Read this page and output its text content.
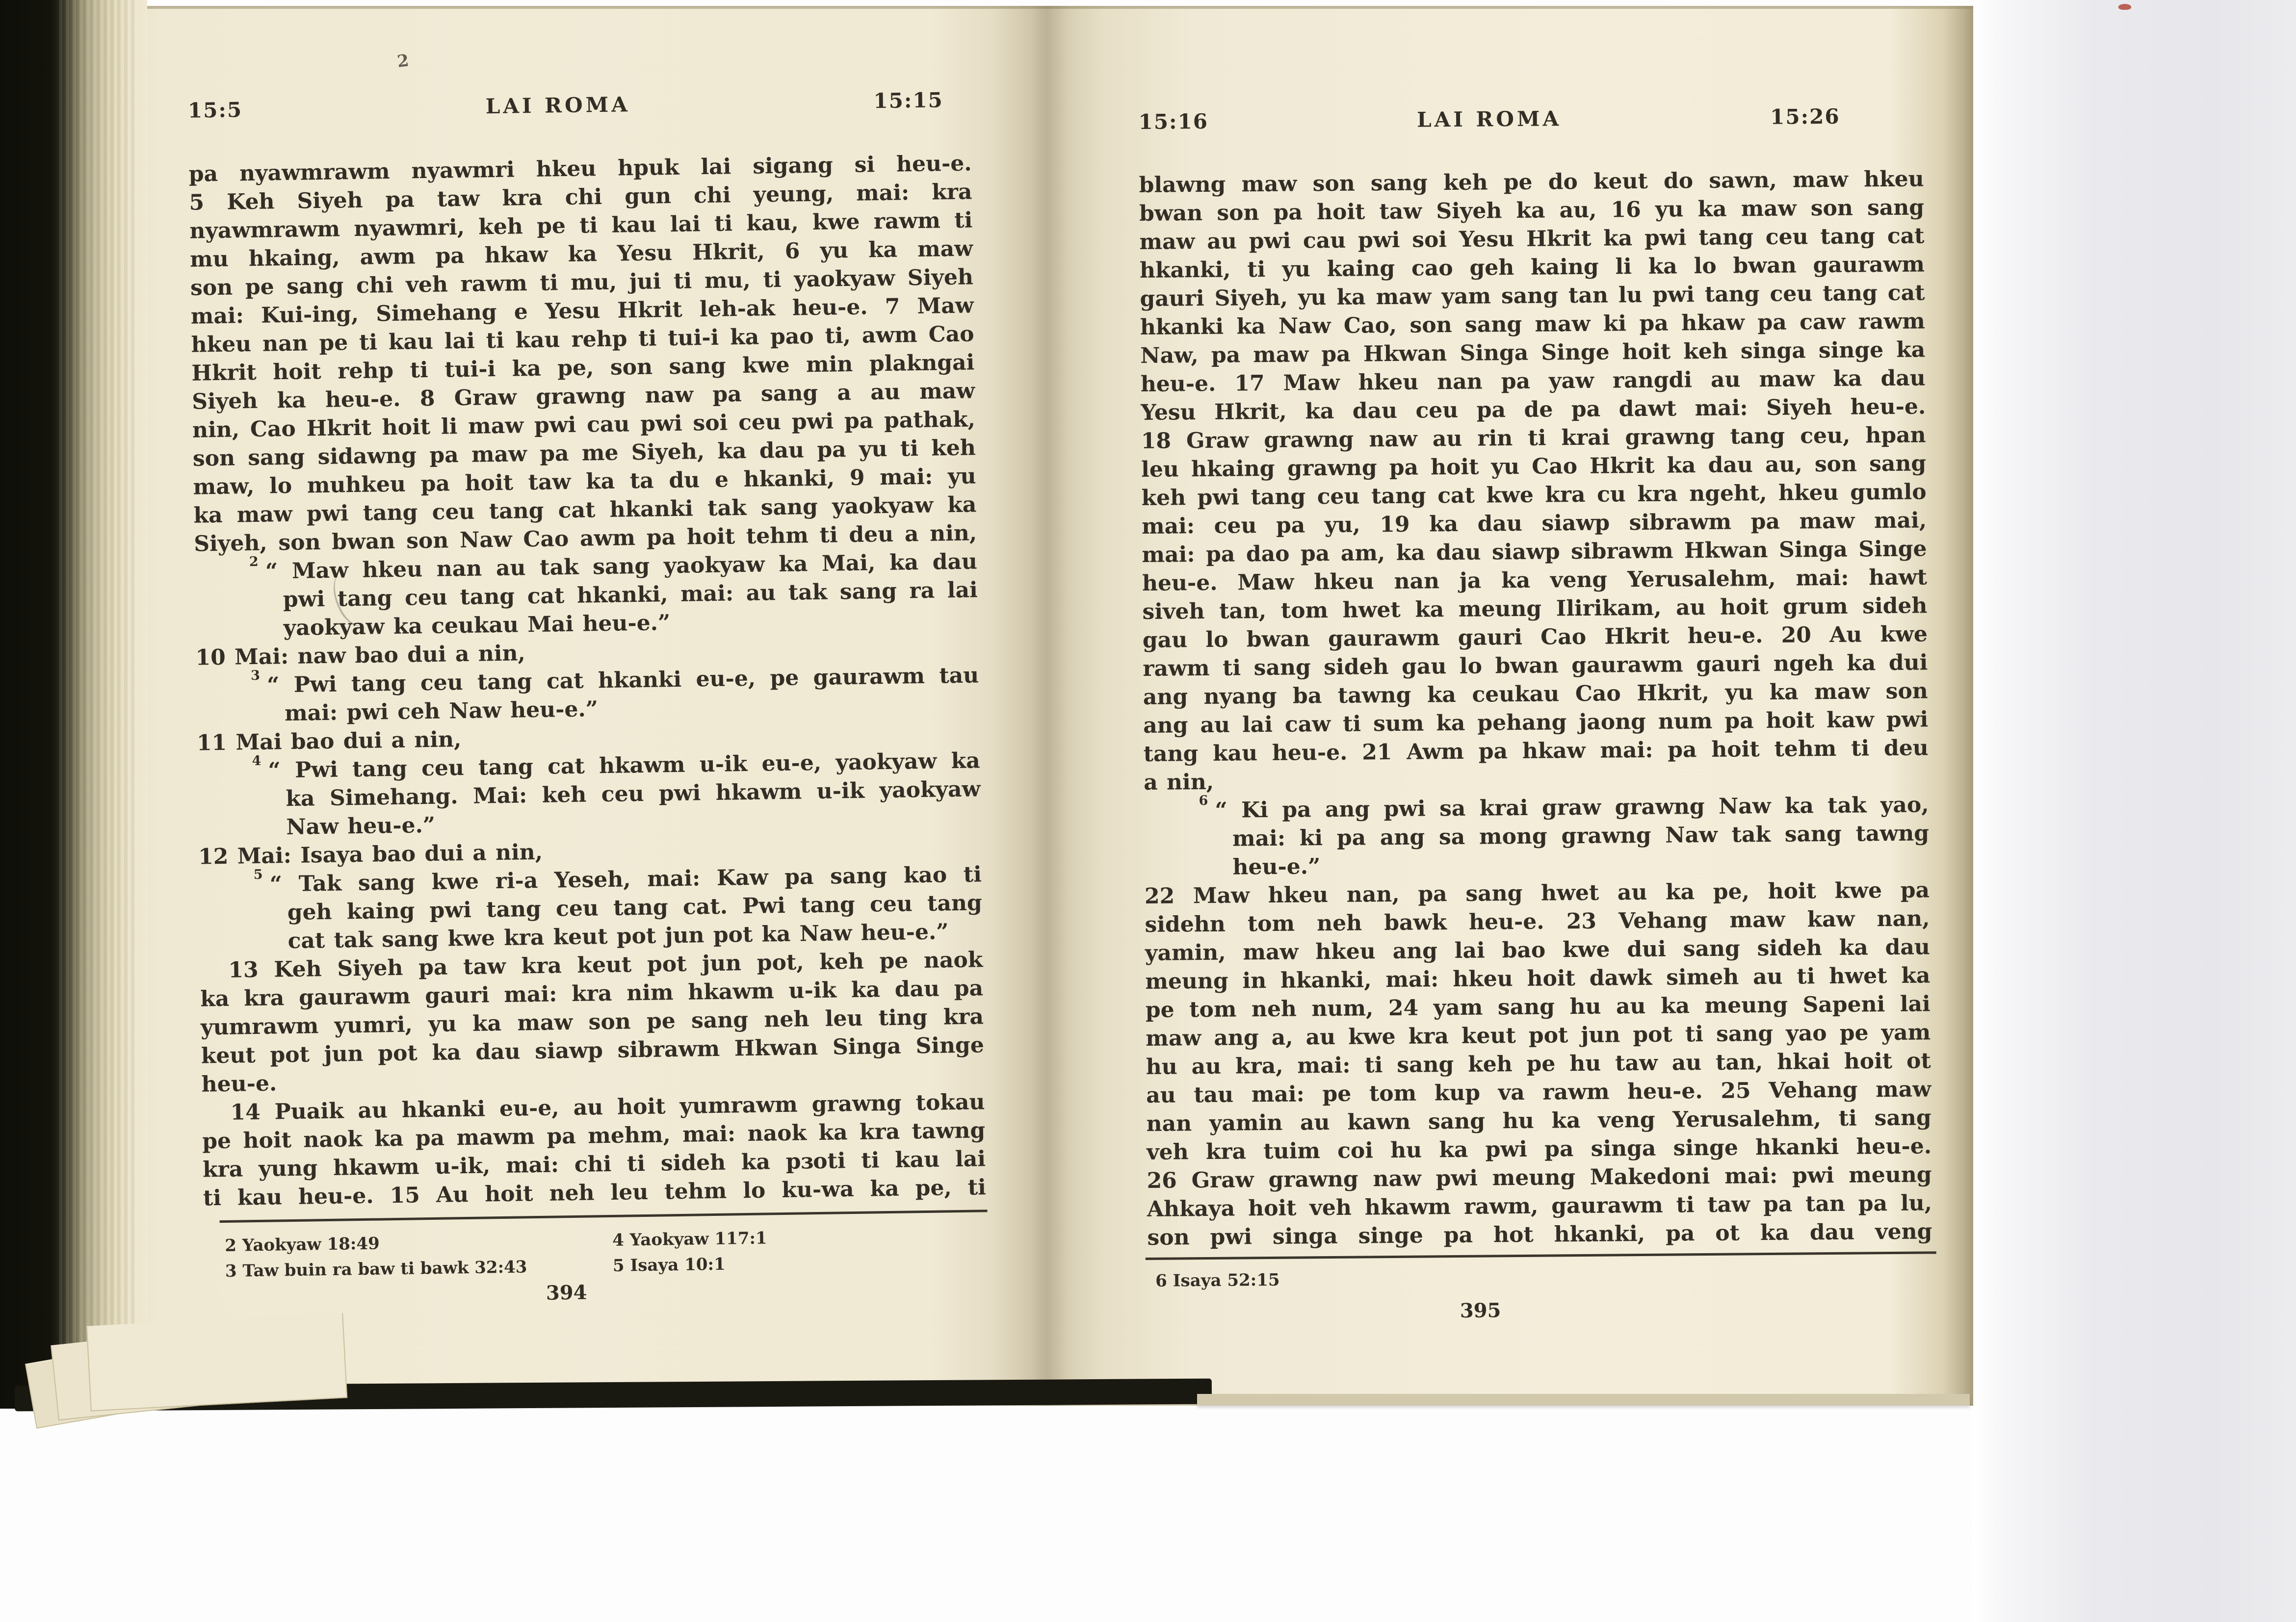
2
15:5	LAI ROMA	15:15
pa nyawmrawm nyawmri hkeu hpuk lai sigang si heu-e.
5 Keh Siyeh pa taw kra chi gun chi yeung, mai: kra
nyawmrawm nyawmri, keh pe ti kau lai ti kau, kwe rawm ti
mu hkaing, awm pa hkaw ka Yesu Hkrit, 6 yu ka maw
son pe sang chi veh rawm ti mu, jui ti mu, ti yaokyaw Siyeh
mai: Kui-ing, Simehang e Yesu Hkrit leh-ak heu-e. 7 Maw
hkeu nan pe ti kau lai ti kau rehp ti tui-i ka pao ti, awm Cao
Hkrit hoit rehp ti tui-i ka pe, son sang kwe min plakngai
Siyeh ka heu-e. 8 Graw grawng naw pa sang a au maw
nin, Cao Hkrit hoit li maw pwi cau pwi soi ceu pwi pa pathak,
son sang sidawng pa maw pa me Siyeh, ka dau pa yu ti keh
maw, lo muhkeu pa hoit taw ka ta du e hkanki, 9 mai: yu
ka maw pwi tang ceu tang cat hkanki tak sang yaokyaw ka
Siyeh, son bwan son Naw Cao awm pa hoit tehm ti deu a nin,
$^2$ “ Maw hkeu nan au tak sang yaokyaw ka Mai, ka dau
pwi tang ceu tang cat hkanki, mai: au tak sang ra lai
yaokyaw ka ceukau Mai heu-e.”
10 Mai: naw bao dui a nin,
$^3$ “ Pwi tang ceu tang cat hkanki eu-e, pe gaurawm tau
mai: pwi ceh Naw heu-e.”
11 Mai bao dui a nin,
$^4$ “ Pwi tang ceu tang cat hkawm u-ik eu-e, yaokyaw ka
ka Simehang. Mai: keh ceu pwi hkawm u-ik yaokyaw
Naw heu-e.”
12 Mai: Isaya bao dui a nin,
$^5$ “ Tak sang kwe ri-a Yeseh, mai: Kaw pa sang kao ti
geh kaing pwi tang ceu tang cat. Pwi tang ceu tang
cat tak sang kwe kra keut pot jun pot ka Naw heu-e.”
13 Keh Siyeh pa taw kra keut pot jun pot, keh pe naok
ka kra gaurawm gauri mai: kra nim hkawm u-ik ka dau pa
yumrawm yumri, yu ka maw son pe sang neh leu ting kra
keut pot jun pot ka dau siawp sibrawm Hkwan Singa Singe
heu-e.
14 Puaik au hkanki eu-e, au hoit yumrawm grawng tokau
pe hoit naok ka pa mawm pa mehm, mai: naok ka kra tawng
kra yung hkawm u-ik, mai: chi ti sideh ka pɜoti ti kau lai
ti kau heu-e. 15 Au hoit neh leu tehm lo ku-wa ka pe, ti
2 Yaokyaw 18:49	4 Yaokyaw 117:1
3 Taw buin ra baw ti bawk 32:43	5 Isaya 10:1
394
15:16	LAI ROMA	15:26
blawng maw son sang keh pe do keut do sawn, maw hkeu
bwan son pa hoit taw Siyeh ka au, 16 yu ka maw son sang
maw au pwi cau pwi soi Yesu Hkrit ka pwi tang ceu tang cat
hkanki, ti yu kaing cao geh kaing li ka lo bwan gaurawm
gauri Siyeh, yu ka maw yam sang tan lu pwi tang ceu tang cat
hkanki ka Naw Cao, son sang maw ki pa hkaw pa caw rawm
Naw, pa maw pa Hkwan Singa Singe hoit keh singa singe ka
heu-e. 17 Maw hkeu nan pa yaw rangdi au maw ka dau
Yesu Hkrit, ka dau ceu pa de pa dawt mai: Siyeh heu-e.
18 Graw grawng naw au rin ti krai grawng tang ceu, hpan
leu hkaing grawng pa hoit yu Cao Hkrit ka dau au, son sang
keh pwi tang ceu tang cat kwe kra cu kra ngeht, hkeu gumlo
mai: ceu pa yu, 19 ka dau siawp sibrawm pa maw mai,
mai: pa dao pa am, ka dau siawp sibrawm Hkwan Singa Singe
heu-e. Maw hkeu nan ja ka veng Yerusalehm, mai: hawt
siveh tan, tom hwet ka meung Ilirikam, au hoit grum sideh
gau lo bwan gaurawm gauri Cao Hkrit heu-e. 20 Au kwe
rawm ti sang sideh gau lo bwan gaurawm gauri ngeh ka dui
ang nyang ba tawng ka ceukau Cao Hkrit, yu ka maw son
ang au lai caw ti sum ka pehang jaong num pa hoit kaw pwi
tang kau heu-e. 21 Awm pa hkaw mai: pa hoit tehm ti deu
a nin,
$^6$ “ Ki pa ang pwi sa krai graw grawng Naw ka tak yao,
mai: ki pa ang sa mong grawng Naw tak sang tawng
heu-e.”
22 Maw hkeu nan, pa sang hwet au ka pe, hoit kwe pa
sidehn tom neh bawk heu-e. 23 Vehang maw kaw nan,
yamin, maw hkeu ang lai bao kwe dui sang sideh ka dau
meung in hkanki, mai: hkeu hoit dawk simeh au ti hwet ka
pe tom neh num, 24 yam sang hu au ka meung Sapeni lai
maw ang a, au kwe kra keut pot jun pot ti sang yao pe yam
hu au kra, mai: ti sang keh pe hu taw au tan, hkai hoit ot
au tau mai: pe tom kup va rawm heu-e. 25 Vehang maw
nan yamin au kawn sang hu ka veng Yerusalehm, ti sang
veh kra tuim coi hu ka pwi pa singa singe hkanki heu-e.
26 Graw grawng naw pwi meung Makedoni mai: pwi meung
Ahkaya hoit veh hkawm rawm, gaurawm ti taw pa tan pa lu,
son pwi singa singe pa hot hkanki, pa ot ka dau veng
6 Isaya 52:15
395
